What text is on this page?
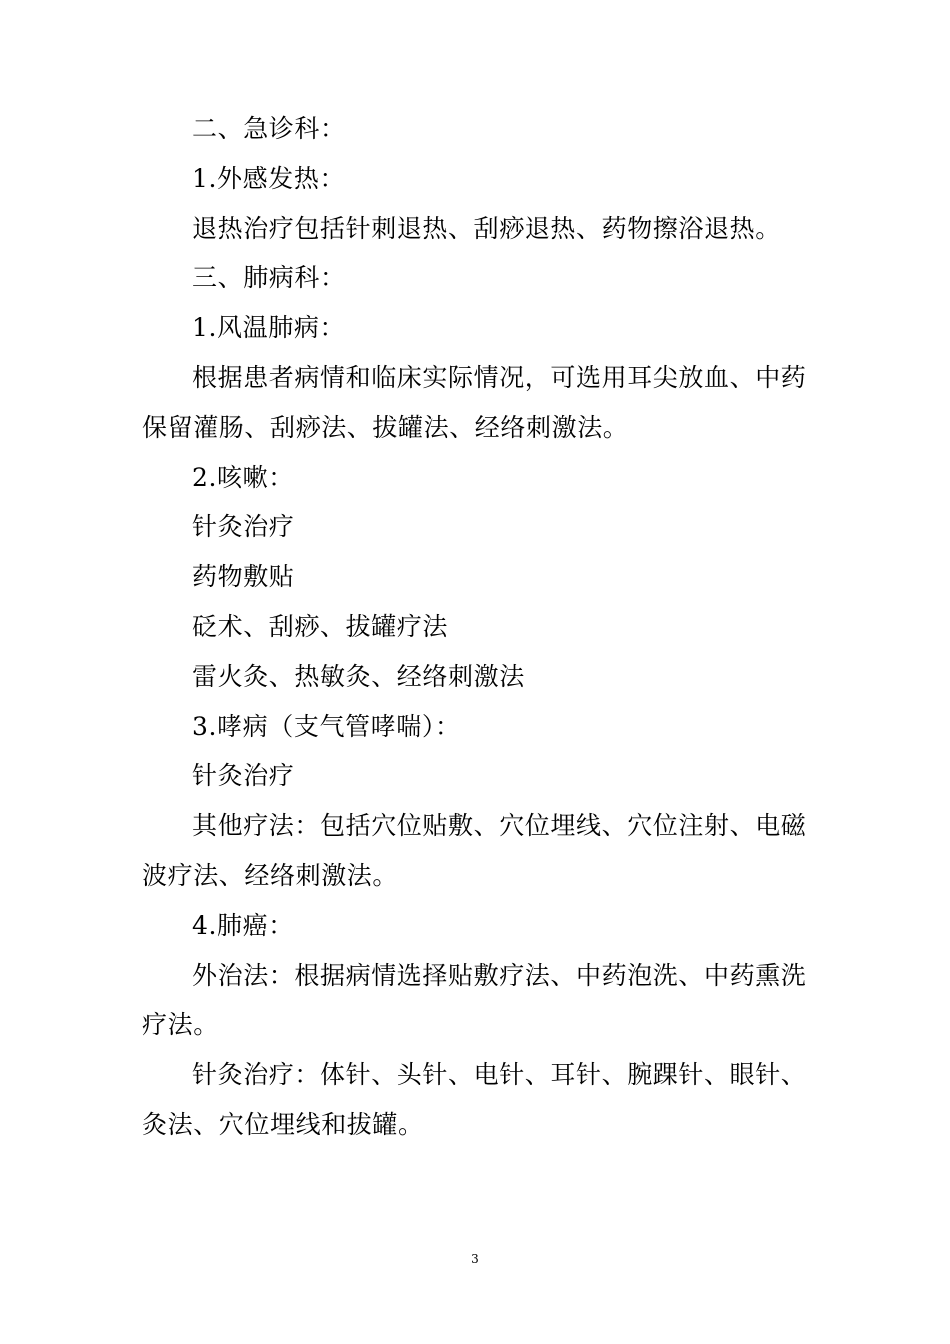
二、急诊科：

1.外感发热：

退热治疗包括针刺退热、刮痧退热、药物擦浴退热。

三、肺病科：

1.风温肺病：

根据患者病情和临床实际情况，可选用耳尖放血、中药保留灌肠、刮痧法、拔罐法、经络刺激法。

2.咳嗽：

针灸治疗

药物敷贴

砭术、刮痧、拔罐疗法

雷火灸、热敏灸、经络刺激法

3.哮病（支气管哮喘）：

针灸治疗

其他疗法：包括穴位贴敷、穴位埋线、穴位注射、电磁波疗法、经络刺激法。

4.肺癌：

外治法：根据病情选择贴敷疗法、中药泡洗、中药熏洗疗法。

针灸治疗：体针、头针、电针、耳针、腕踝针、眼针、灸法、穴位埋线和拔罐。

3
